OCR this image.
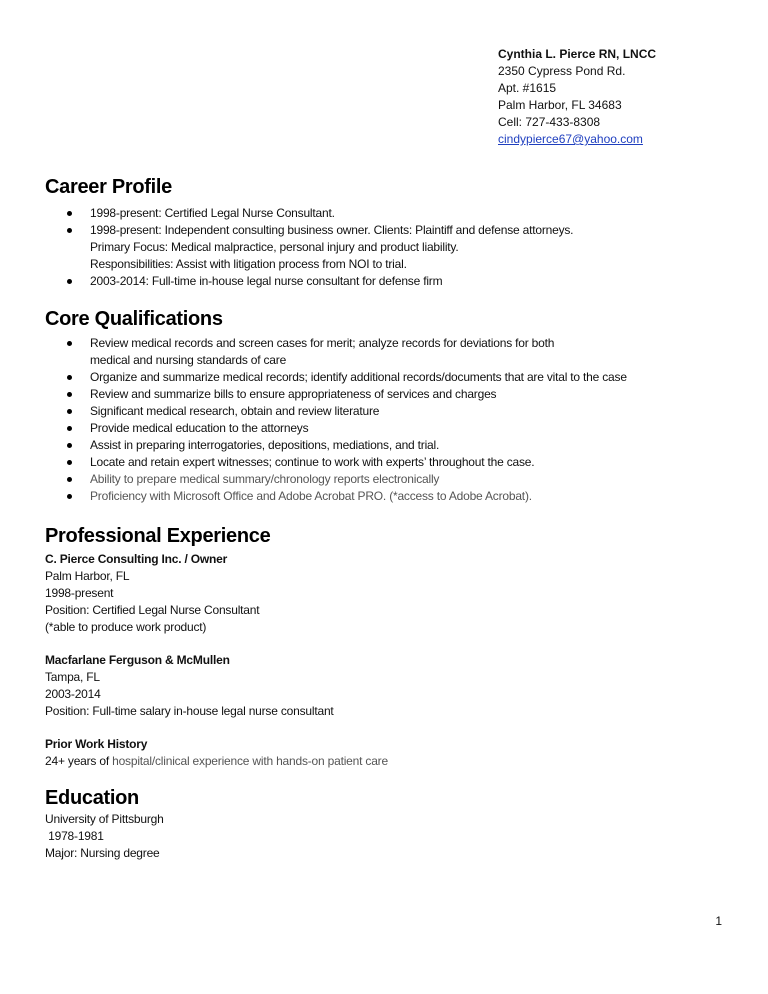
Cynthia L. Pierce RN, LNCC
2350 Cypress Pond Rd.
Apt. #1615
Palm Harbor, FL 34683
Cell: 727-433-8308
cindypierce67@yahoo.com
Career Profile
1998-present: Certified Legal Nurse Consultant.
1998-present: Independent consulting business owner. Clients: Plaintiff and defense attorneys.
Primary Focus: Medical malpractice, personal injury and product liability.
Responsibilities: Assist with litigation process from NOI to trial.
2003-2014: Full-time in-house legal nurse consultant for defense firm
Core Qualifications
Review medical records and screen cases for merit; analyze records for deviations for both
medical and nursing standards of care
Organize and summarize medical records; identify additional records/documents that are vital to the case
Review and summarize bills to ensure appropriateness of services and charges
Significant medical research, obtain and review literature
Provide medical education to the attorneys
Assist in preparing interrogatories, depositions, mediations, and trial.
Locate and retain expert witnesses; continue to work with experts’ throughout the case.
Ability to prepare medical summary/chronology reports electronically
Proficiency with Microsoft Office and Adobe Acrobat PRO. (*access to Adobe Acrobat).
Professional Experience
C. Pierce Consulting Inc. / Owner
Palm Harbor, FL
1998-present
Position: Certified Legal Nurse Consultant
(*able to produce work product)
Macfarlane Ferguson & McMullen
Tampa, FL
2003-2014
Position: Full-time salary in-house legal nurse consultant
Prior Work History
24+ years of hospital/clinical experience with hands-on patient care
Education
University of Pittsburgh
1978-1981
Major: Nursing degree
1
